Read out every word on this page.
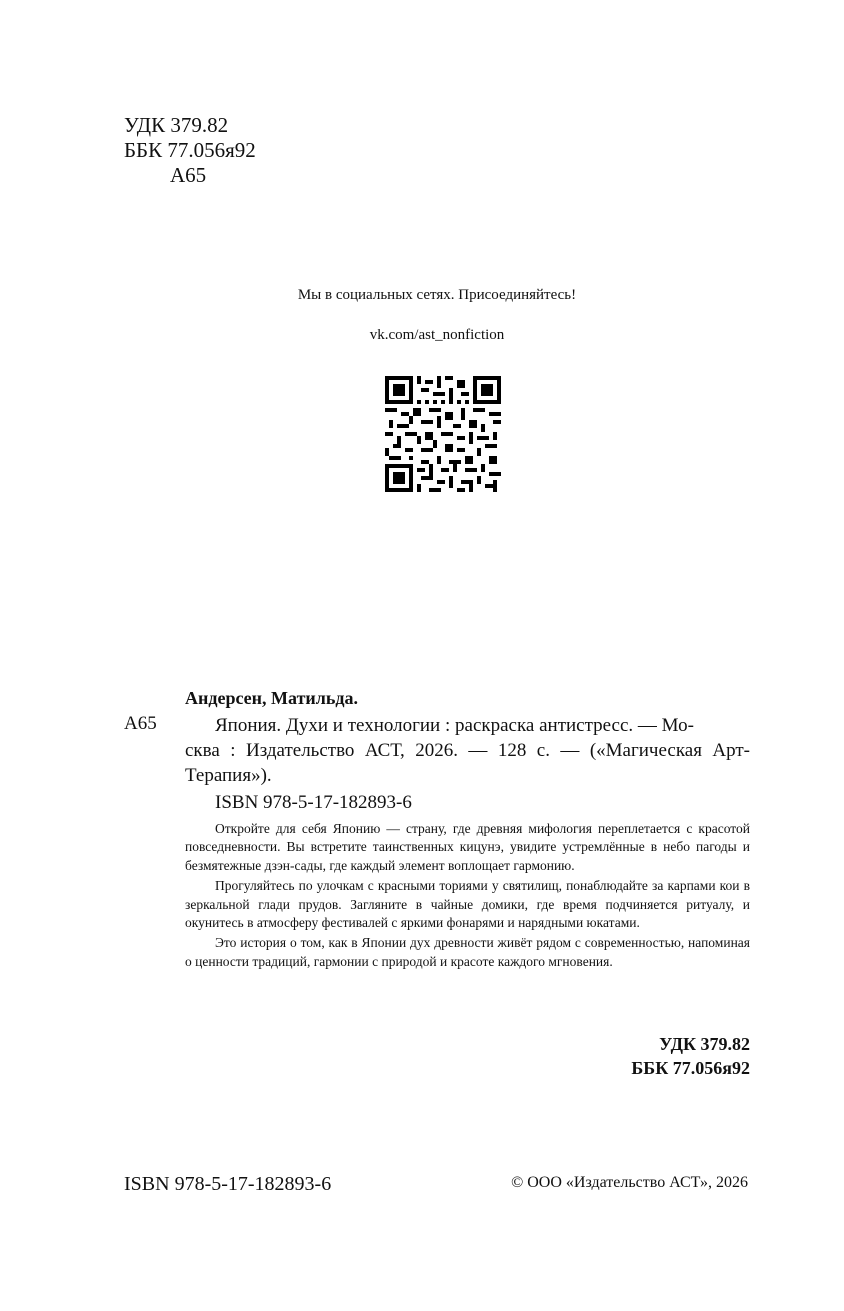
УДК 379.82
ББК 77.056я92
А65
Мы в социальных сетях. Присоединяйтесь!
vk.com/ast_nonfiction
Андерсен, Матильда.
А65	Япония. Духи и технологии : раскраска антистресс. — Мо-
сква : Издательство АСТ, 2026. — 128 с. — («Магическая Арт-Терапия»).
ISBN 978-5-17-182893-6

Откройте для себя Японию — страну, где древняя мифология переплетается с красотой повседневности. Вы встретите таинственных кицунэ, увидите устремлённые в небо пагоды и безмятежные дзэн-сады, где каждый элемент воплощает гармонию.

Прогуляйтесь по улочкам с красными ториями у святилищ, понаблюдайте за карпами кои в зеркальной глади прудов. Загляните в чайные домики, где время подчиняется ритуалу, и окунитесь в атмосферу фестивалей с яркими фонарями и нарядными юкатами.

Это история о том, как в Японии дух древности живёт рядом с современностью, напоминая о ценности традиций, гармонии с природой и красоте каждого мгновения.

УДК 379.82
ББК 77.056я92
ISBN 978-5-17-182893-6	© ООО «Издательство АСТ», 2026
